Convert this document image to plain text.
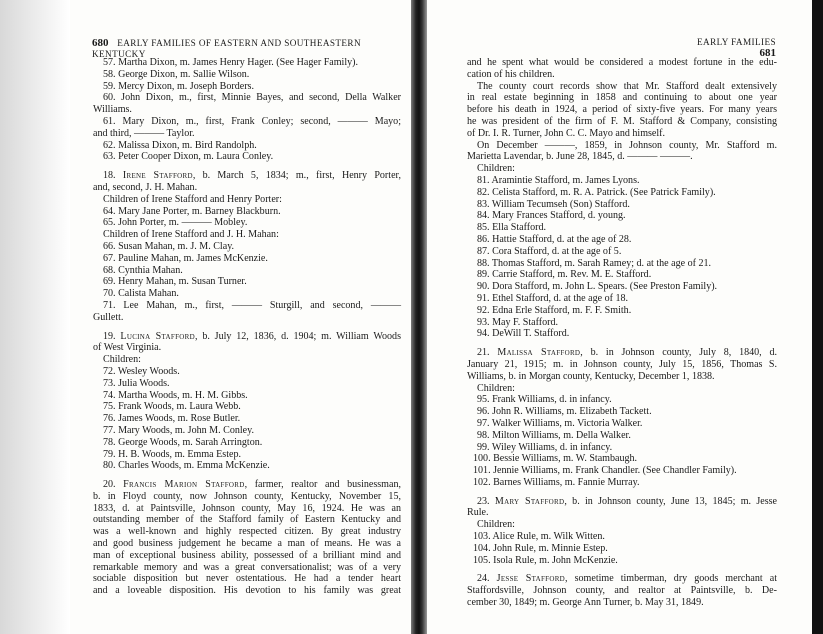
680 EARLY FAMILIES OF EASTERN AND SOUTHEASTERN KENTUCKY
EARLY FAMILIES 681
57. Martha Dixon, m. James Henry Hager. (See Hager Family).
58. George Dixon, m. Sallie Wilson.
59. Mercy Dixon, m. Joseph Borders.
60. John Dixon, m., first, Minnie Bayes, and second, Della Walker
Williams.
61. Mary Dixon, m., first, Frank Conley; second, ——— Mayo;
and third, ——— Taylor.
62. Malissa Dixon, m. Bird Randolph.
63. Peter Cooper Dixon, m. Laura Conley.
18. Irene Stafford, b. March 5, 1834; m., first, Henry Porter,
and, second, J. H. Mahan.
Children of Irene Stafford and Henry Porter:
64. Mary Jane Porter, m. Barney Blackburn.
65. John Porter, m. ——— Mobley.
Children of Irene Stafford and J. H. Mahan:
66. Susan Mahan, m. J. M. Clay.
67. Pauline Mahan, m. James McKenzie.
68. Cynthia Mahan.
69. Henry Mahan, m. Susan Turner.
70. Calista Mahan.
71. Lee Mahan, m., first, ——— Sturgill, and second, ———
Gullett.
19. Lucina Stafford, b. July 12, 1836, d. 1904; m. William Woods
of West Virginia.
Children:
72. Wesley Woods.
73. Julia Woods.
74. Martha Woods, m. H. M. Gibbs.
75. Frank Woods, m. Laura Webb.
76. James Woods, m. Rose Butler.
77. Mary Woods, m. John M. Conley.
78. George Woods, m. Sarah Arrington.
79. H. B. Woods, m. Emma Estep.
80. Charles Woods, m. Emma McKenzie.
20. Francis Marion Stafford, farmer, realtor and businessman,
b. in Floyd county, now Johnson county, Kentucky, November 15,
1833, d. at Paintsville, Johnson county, May 16, 1924. He was an
outstanding member of the Stafford family of Eastern Kentucky and
was a well-known and highly respected citizen. By great industry
and good business judgement he became a man of means. He was a
man of exceptional business ability, possessed of a brilliant mind and
remarkable memory and was a great conversationalist; was of a very
sociable disposition but never ostentatious. He had a tender heart
and a loveable disposition. His devotion to his family was great
and he spent what would be considered a modest fortune in the edu-
cation of his children.
The county court records show that Mr. Stafford dealt extensively
in real estate beginning in 1858 and continuing to about one year
before his death in 1924, a period of sixty-five years. For many years
he was president of the firm of F. M. Stafford & Company, consisting
of Dr. I. R. Turner, John C. C. Mayo and himself.
On December ———, 1859, in Johnson county, Mr. Stafford m.
Marietta Lavendar, b. June 28, 1845, d. ——— ———.
Children:
81. Aramintie Stafford, m. James Lyons.
82. Celista Stafford, m. R. A. Patrick. (See Patrick Family).
83. William Tecumseh (Son) Stafford.
84. Mary Frances Stafford, d. young.
85. Ella Stafford.
86. Hattie Stafford, d. at the age of 28.
87. Cora Stafford, d. at the age of 5.
88. Thomas Stafford, m. Sarah Ramey; d. at the age of 21.
89. Carrie Stafford, m. Rev. M. E. Stafford.
90. Dora Stafford, m. John L. Spears. (See Preston Family).
91. Ethel Stafford, d. at the age of 18.
92. Edna Erle Stafford, m. F. F. Smith.
93. May F. Stafford.
94. DeWill T. Stafford.
21. Malissa Stafford, b. in Johnson county, July 8, 1840, d.
January 21, 1915; m. in Johnson county, July 15, 1856, Thomas S.
Williams, b. in Morgan county, Kentucky, December 1, 1838.
Children:
95. Frank Williams, d. in infancy.
96. John R. Williams, m. Elizabeth Tackett.
97. Walker Williams, m. Victoria Walker.
98. Milton Williams, m. Della Walker.
99. Wiley Williams, d. in infancy.
100. Bessie Williams, m. W. Stambaugh.
101. Jennie Williams, m. Frank Chandler. (See Chandler Family).
102. Barnes Williams, m. Fannie Murray.
23. Mary Stafford, b. in Johnson county, June 13, 1845; m. Jesse
Rule.
Children:
103. Alice Rule, m. Wilk Witten.
104. John Rule, m. Minnie Estep.
105. Isola Rule, m. John McKenzie.
24. Jesse Stafford, sometime timberman, dry goods merchant at
Staffordsville, Johnson county, and realtor at Paintsville, b. De-
cember 30, 1849; m. George Ann Turner, b. May 31, 1849.
